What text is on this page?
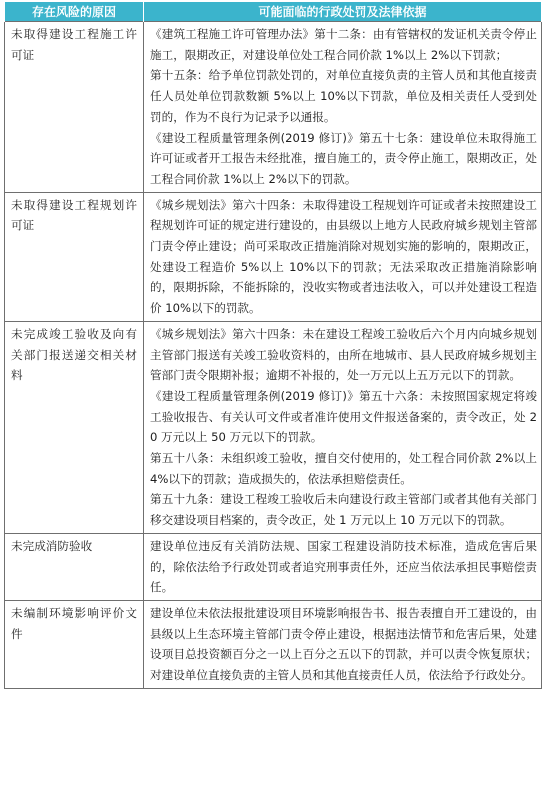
存在风险的原因	可能面临的行政处罚及法律依据
未取得建设工程施工许可证	《建筑工程施工许可管理办法》第十二条：由有管辖权的发证机关责令停止施工，限期改正，对建设单位处工程合同价款 1%以上 2%以下罚款；

第十五条：给予单位罚款处罚的，对单位直接负责的主管人员和其他直接责任人员处单位罚款数额 5%以上 10%以下罚款，单位及相关责任人受到处罚的，作为不良行为记录予以通报。

《建设工程质量管理条例(2019 修订)》第五十七条：建设单位未取得施工许可证或者开工报告未经批准，擅自施工的，责令停止施工，限期改正，处工程合同价款 1%以上 2%以下的罚款。

未取得建设工程规划许可证	《城乡规划法》第六十四条：未取得建设工程规划许可证或者未按照建设工程规划许可证的规定进行建设的，由县级以上地方人民政府城乡规划主管部门责令停止建设；尚可采取改正措施消除对规划实施的影响的，限期改正，处建设工程造价 5%以上 10%以下的罚款；无法采取改正措施消除影响的，限期拆除，不能拆除的，没收实物或者违法收入，可以并处建设工程造价 10%以下的罚款。

未完成竣工验收及向有关部门报送递交相关材料	《城乡规划法》第六十四条：未在建设工程竣工验收后六个月内向城乡规划主管部门报送有关竣工验收资料的，由所在地城市、县人民政府城乡规划主管部门责令限期补报；逾期不补报的，处一万元以上五万元以下的罚款。

《建设工程质量管理条例(2019 修订)》第五十六条：未按照国家规定将竣工验收报告、有关认可文件或者准许使用文件报送备案的，责令改正，处 20 万元以上 50 万元以下的罚款。

第五十八条：未组织竣工验收，擅自交付使用的，处工程合同价款 2%以上 4%以下的罚款；造成损失的，依法承担赔偿责任。

第五十九条：建设工程竣工验收后未向建设行政主管部门或者其他有关部门移交建设项目档案的，责令改正，处 1 万元以上 10 万元以下的罚款。

未完成消防验收	建设单位违反有关消防法规、国家工程建设消防技术标准，造成危害后果的，除依法给予行政处罚或者追究刑事责任外，还应当依法承担民事赔偿责任。

未编制环境影响评价文件	建设单位未依法报批建设项目环境影响报告书、报告表擅自开工建设的，由县级以上生态环境主管部门责令停止建设，根据违法情节和危害后果，处建设项目总投资额百分之一以上百分之五以下的罚款，并可以责令恢复原状；对建设单位直接负责的主管人员和其他直接责任人员，依法给予行政处分。
